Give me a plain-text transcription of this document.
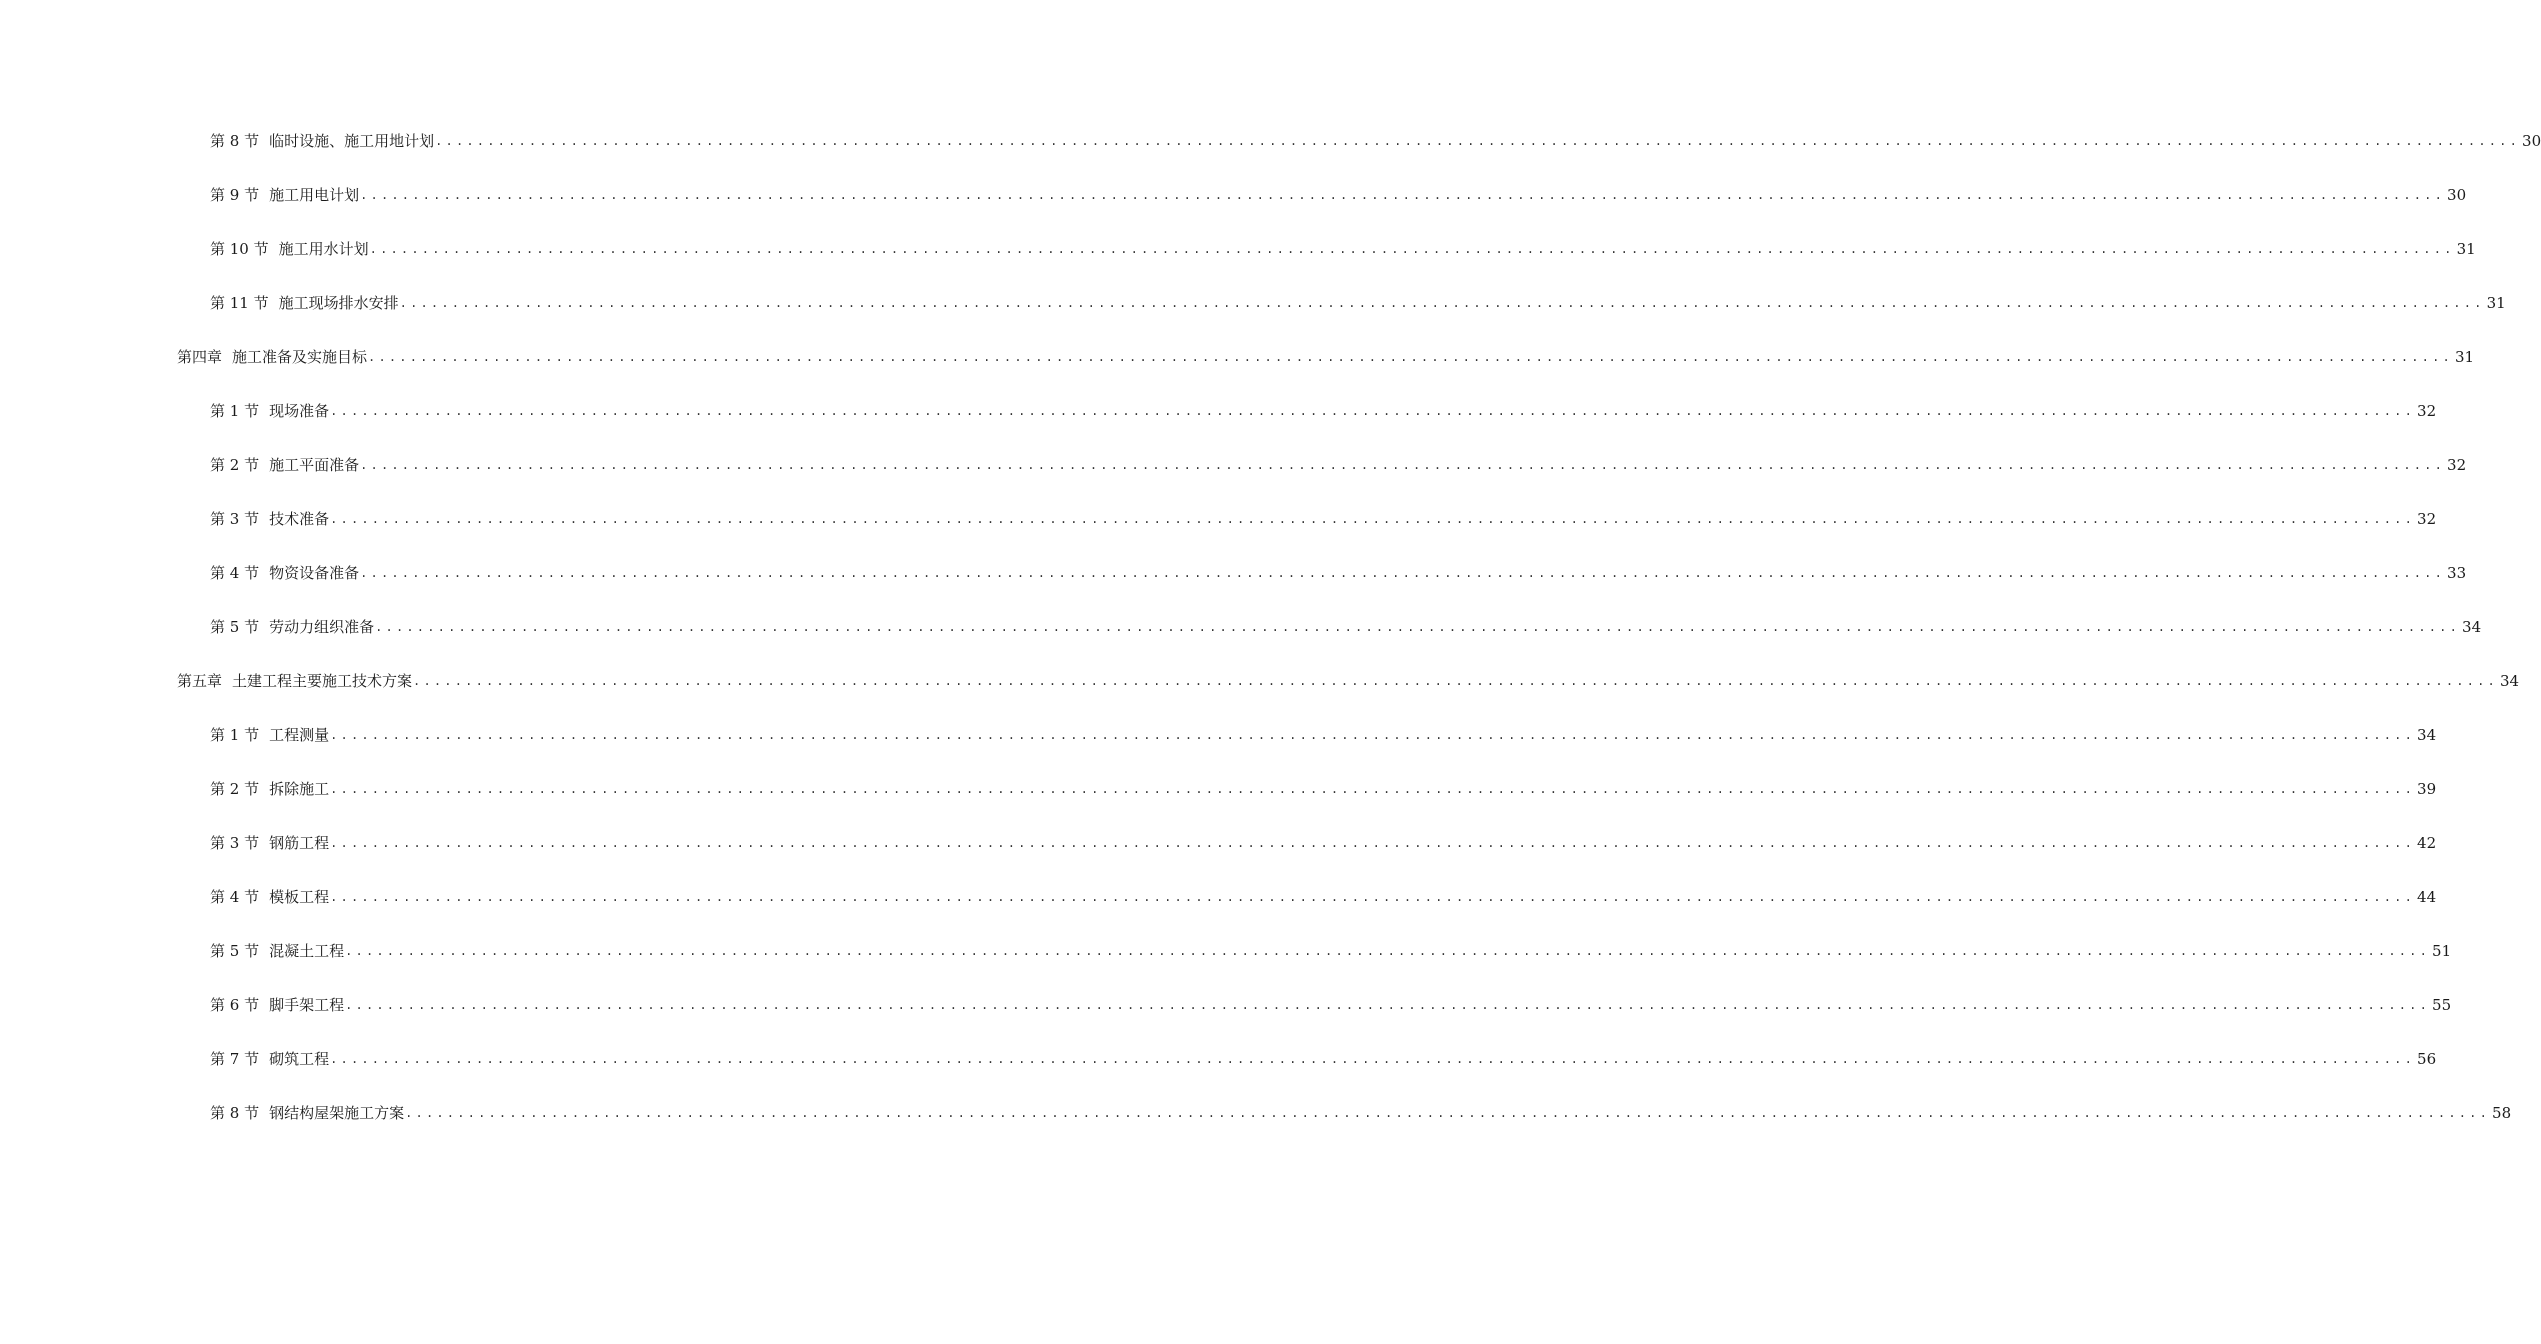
第 8 节 临时设施、施工用地计划 ........................................................................................................................................................................................................ 30
第 9 节 施工用电计划 ........................................................................................................................................................................................................ 30
第 10 节 施工用水计划 ........................................................................................................................................................................................................ 31
第 11 节 施工现场排水安排 ........................................................................................................................................................................................................ 31
第四章 施工准备及实施目标 ........................................................................................................................................................................................................ 31
第 1 节 现场准备 ........................................................................................................................................................................................................ 32
第 2 节 施工平面准备 ........................................................................................................................................................................................................ 32
第 3 节 技术准备 ........................................................................................................................................................................................................ 32
第 4 节 物资设备准备 ........................................................................................................................................................................................................ 33
第 5 节 劳动力组织准备 ........................................................................................................................................................................................................ 34
第五章 土建工程主要施工技术方案 ........................................................................................................................................................................................................ 34
第 1 节 工程测量 ........................................................................................................................................................................................................ 34
第 2 节 拆除施工 ........................................................................................................................................................................................................ 39
第 3 节 钢筋工程 ........................................................................................................................................................................................................ 42
第 4 节 模板工程 ........................................................................................................................................................................................................ 44
第 5 节 混凝土工程 ........................................................................................................................................................................................................ 51
第 6 节 脚手架工程 ........................................................................................................................................................................................................ 55
第 7 节 砌筑工程 ........................................................................................................................................................................................................ 56
第 8 节 钢结构屋架施工方案 ........................................................................................................................................................................................................ 58
